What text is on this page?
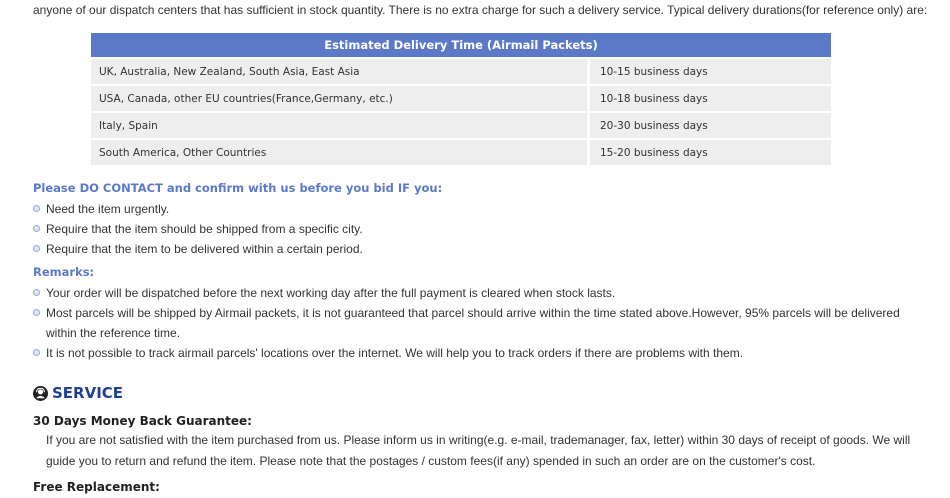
anyone of our dispatch centers that has sufficient in stock quantity. There is no extra charge for such a delivery service. Typical delivery durations(for reference only) are:
Estimated Delivery Time (Airmail Packets)	
UK, Australia, New Zealand, South Asia, East Asia	10-15 business days
USA, Canada, other EU countries(France,Germany, etc.)	10-18 business days
Italy, Spain	20-30 business days
South America, Other Countries	15-20 business days
Please DO CONTACT and confirm with us before you bid IF you:
Need the item urgently.
Require that the item should be shipped from a specific city.
Require that the item to be delivered within a certain period.
Remarks:
Your order will be dispatched before the next working day after the full payment is cleared when stock lasts.
Most parcels will be shipped by Airmail packets, it is not guaranteed that parcel should arrive within the time stated above.However, 95% parcels will be delivered within the reference time.
It is not possible to track airmail parcels' locations over the internet. We will help you to track orders if there are problems with them.
SERVICE
30 Days Money Back Guarantee:
If you are not satisfied with the item purchased from us. Please inform us in writing(e.g. e-mail, trademanager, fax, letter) within 30 days of receipt of goods. We will guide you to return and refund the item. Please note that the postages / custom fees(if any) spended in such an order are on the customer's cost.
Free Replacement:
